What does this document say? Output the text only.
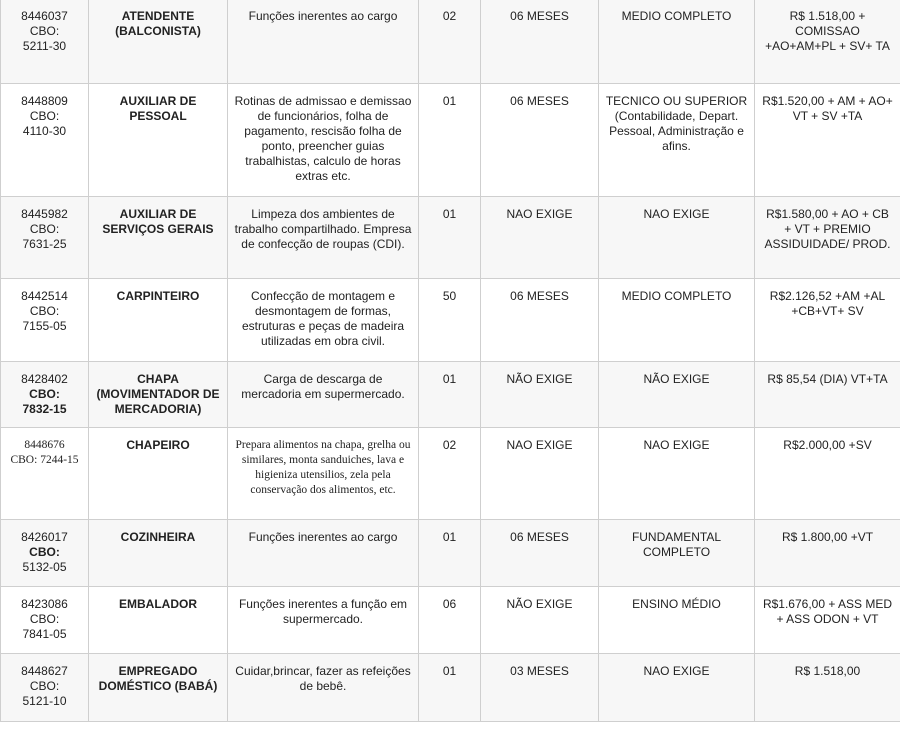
8446037
CBO:
5211-30	ATENDENTE (BALCONISTA)	Funções inerentes ao cargo	02	06 MESES	MEDIO COMPLETO	R$ 1.518,00 + COMISSAO +AO+AM+PL + SV+ TA
8448809
CBO:
4110-30	AUXILIAR DE PESSOAL	Rotinas de admissao e demissao de funcionários, folha de pagamento, rescisão folha de ponto, preencher guias trabalhistas, calculo de horas extras etc.	01	06 MESES	TECNICO OU SUPERIOR (Contabilidade, Depart. Pessoal, Administração e afins.	R$1.520,00 + AM + AO+ VT + SV +TA
8445982
CBO:
7631-25	AUXILIAR DE SERVIÇOS GERAIS	Limpeza dos ambientes de trabalho compartilhado. Empresa de confecção de roupas (CDI).	01	NAO EXIGE	NAO EXIGE	R$1.580,00 + AO + CB + VT + PREMIO ASSIDUIDADE/ PROD.
8442514
CBO:
7155-05	CARPINTEIRO	Confecção de montagem e desmontagem de formas, estruturas e peças de madeira utilizadas em obra civil.	50	06 MESES	MEDIO COMPLETO	R$2.126,52 +AM +AL +CB+VT+ SV
8428402
CBO:
7832-15	CHAPA (MOVIMENTADOR DE MERCADORIA)	Carga de descarga de mercadoria em supermercado.	01	NÃO EXIGE	NÃO EXIGE	R$ 85,54 (DIA) VT+TA
8448676
CBO: 7244-15	CHAPEIRO	Prepara alimentos na chapa, grelha ou similares, monta sanduiches, lava e higieniza utensilios, zela pela conservação dos alimentos, etc.	02	NAO EXIGE	NAO EXIGE	R$2.000,00 +SV
8426017
CBO:
5132-05	COZINHEIRA	Funções inerentes ao cargo	01	06 MESES	FUNDAMENTAL COMPLETO	R$ 1.800,00 +VT
8423086
CBO:
7841-05	EMBALADOR	Funções inerentes a função em supermercado.	06	NÃO EXIGE	ENSINO MÉDIO	R$1.676,00 + ASS MED + ASS ODON + VT
8448627
CBO:
5121-10	EMPREGADO DOMÉSTICO (BABÁ)	Cuidar,brincar, fazer as refeições de bebê.	01	03 MESES	NAO EXIGE	R$ 1.518,00
